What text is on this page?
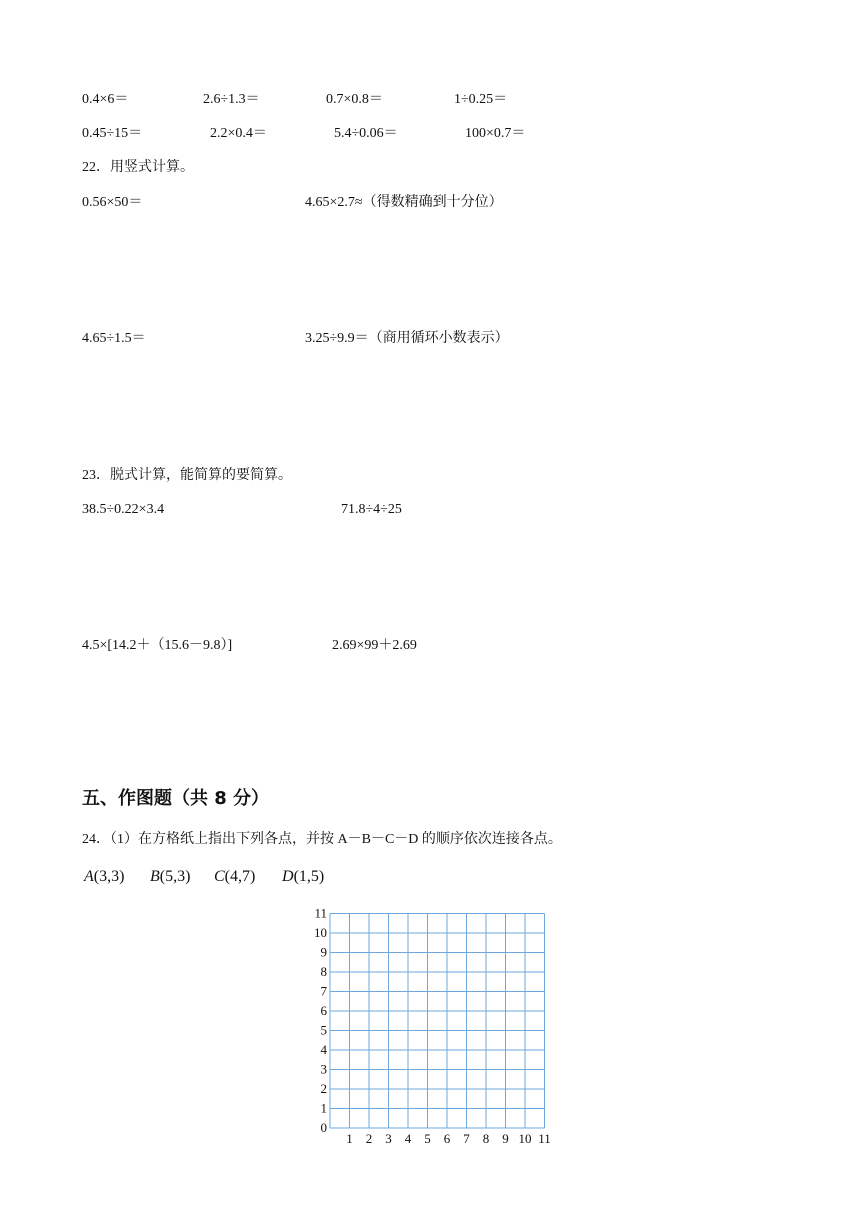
0.4×6＝	2.6÷1.3＝	0.7×0.8＝	1÷0.25＝
0.45÷15＝	2.2×0.4＝	5.4÷0.06＝	100×0.7＝
22．用竖式计算。
0.56×50＝	4.65×2.7≈（得数精确到十分位）
4.65÷1.5＝	3.25÷9.9＝（商用循环小数表示）
23．脱式计算，能简算的要简算。
38.5÷0.22×3.4	71.8÷4÷25
4.5×[14.2＋（15.6－9.8）]	2.69×99＋2.69
五、作图题（共 8 分）
24．（1）在方格纸上指出下列各点，并按 A－B－C－D 的顺序依次连接各点。
A(3,3) B(5,3) C(4,7) D(1,5)
1 2 3 4 5 6 7 8 9 10 11
0
1
2
3
4
5
6
7
8
9
10
11
